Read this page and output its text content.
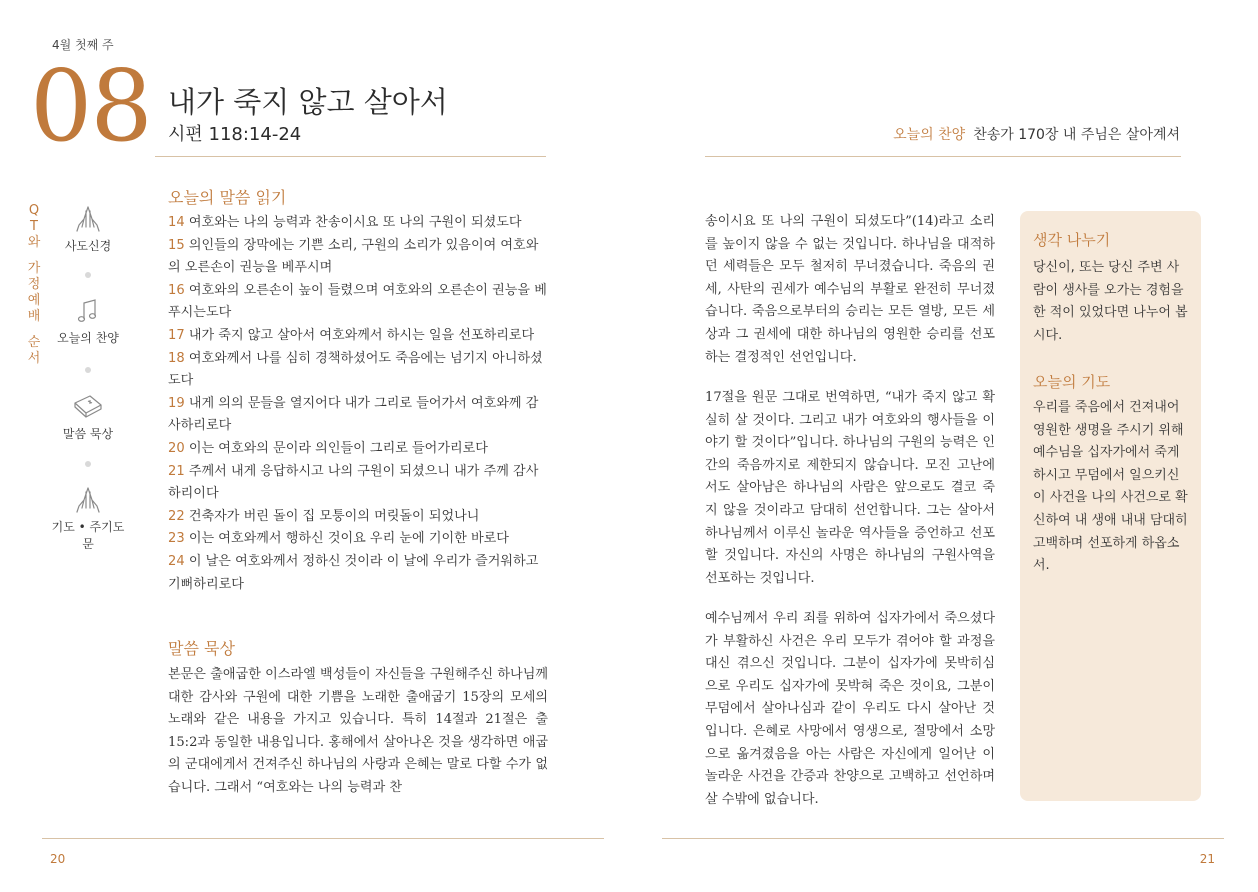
4월 첫째 주
08 내가 죽지 않고 살아서
시편 118:14-24	오늘의 찬양 찬송가 170장 내 주님은 살아계셔
Q
T
와
가
정
예
배
순
서
사도신경
오늘의 찬양
말씀 묵상
기도 • 주기도문
오늘의 말씀 읽기
14 여호와는 나의 능력과 찬송이시요 또 나의 구원이 되셨도다
15 의인들의 장막에는 기쁜 소리, 구원의 소리가 있음이여 여호와의 오른손이 권능을 베푸시며
16 여호와의 오른손이 높이 들렸으며 여호와의 오른손이 권능을 베푸시는도다
17 내가 죽지 않고 살아서 여호와께서 하시는 일을 선포하리로다
18 여호와께서 나를 심히 경책하셨어도 죽음에는 넘기지 아니하셨도다
19 내게 의의 문들을 열지어다 내가 그리로 들어가서 여호와께 감사하리로다
20 이는 여호와의 문이라 의인들이 그리로 들어가리로다
21 주께서 내게 응답하시고 나의 구원이 되셨으니 내가 주께 감사하리이다
22 건축자가 버린 돌이 집 모퉁이의 머릿돌이 되었나니
23 이는 여호와께서 행하신 것이요 우리 눈에 기이한 바로다
24 이 날은 여호와께서 정하신 것이라 이 날에 우리가 즐거워하고 기뻐하리로다
말씀 묵상
본문은 출애굽한 이스라엘 백성들이 자신들을 구원해주신 하나님께 대한 감사와 구원에 대한 기쁨을 노래한 출애굽기 15장의 모세의 노래와 같은 내용을 가지고 있습니다. 특히 14절과 21절은 출 15:2과 동일한 내용입니다. 홍해에서 살아나온 것을 생각하면 애굽의 군대에게서 건져주신 하나님의 사랑과 은혜는 말로 다할 수가 없습니다. 그래서 “여호와는 나의 능력과 찬
송이시요 또 나의 구원이 되셨도다”(14)라고 소리를 높이지 않을 수 없는 것입니다. 하나님을 대적하던 세력들은 모두 철저히 무너졌습니다. 죽음의 권세, 사탄의 권세가 예수님의 부활로 완전히 무너졌습니다. 죽음으로부터의 승리는 모든 열방, 모든 세상과 그 권세에 대한 하나님의 영원한 승리를 선포하는 결정적인 선언입니다.
17절을 원문 그대로 번역하면, “내가 죽지 않고 확실히 살 것이다. 그리고 내가 여호와의 행사들을 이야기 할 것이다”입니다. 하나님의 구원의 능력은 인간의 죽음까지로 제한되지 않습니다. 모진 고난에서도 살아남은 하나님의 사람은 앞으로도 결코 죽지 않을 것이라고 담대히 선언합니다. 그는 살아서 하나님께서 이루신 놀라운 역사들을 증언하고 선포할 것입니다. 자신의 사명은 하나님의 구원사역을 선포하는 것입니다.
예수님께서 우리 죄를 위하여 십자가에서 죽으셨다가 부활하신 사건은 우리 모두가 겪어야 할 과정을 대신 겪으신 것입니다. 그분이 십자가에 못박히심으로 우리도 십자가에 못박혀 죽은 것이요, 그분이 무덤에서 살아나심과 같이 우리도 다시 살아난 것입니다. 은혜로 사망에서 영생으로, 절망에서 소망으로 옮겨졌음을 아는 사람은 자신에게 일어난 이 놀라운 사건을 간증과 찬양으로 고백하고 선언하며 살 수밖에 없습니다.
생각 나누기
당신이, 또는 당신 주변 사람이 생사를 오가는 경험을 한 적이 있었다면 나누어 봅시다.
오늘의 기도
우리를 죽음에서 건져내어 영원한 생명을 주시기 위해 예수님을 십자가에서 죽게 하시고 무덤에서 일으키신 이 사건을 나의 사건으로 확신하여 내 생애 내내 담대히 고백하며 선포하게 하옵소서.
20	21
